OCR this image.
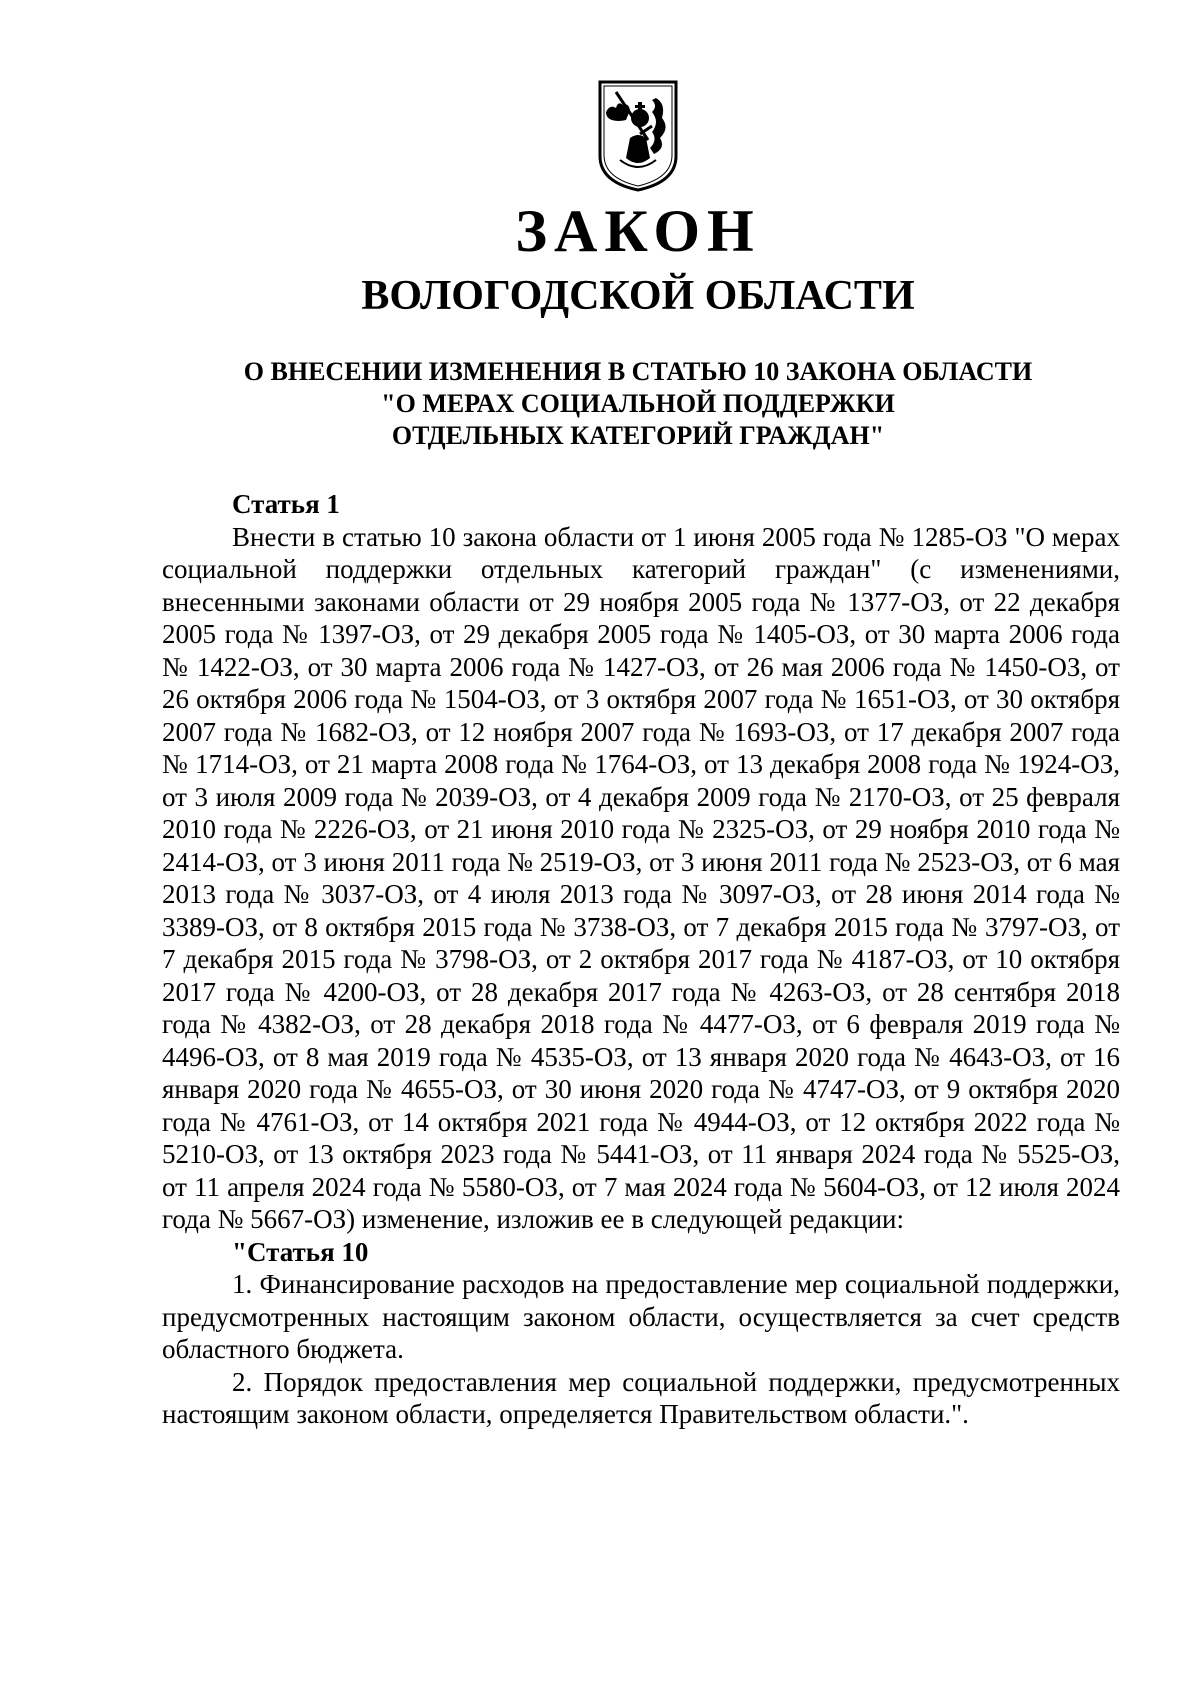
ЗАКОН
ВОЛОГОДСКОЙ ОБЛАСТИ
О ВНЕСЕНИИ ИЗМЕНЕНИЯ В СТАТЬЮ 10 ЗАКОНА ОБЛАСТИ
"О МЕРАХ СОЦИАЛЬНОЙ ПОДДЕРЖКИ
ОТДЕЛЬНЫХ КАТЕГОРИЙ ГРАЖДАН"
Статья 1

Внести в статью 10 закона области от 1 июня 2005 года № 1285-ОЗ "О мерах социальной поддержки отдельных категорий граждан" (с изменениями, внесенными законами области от 29 ноября 2005 года № 1377-ОЗ, от 22 декабря 2005 года № 1397-ОЗ, от 29 декабря 2005 года № 1405-ОЗ, от 30 марта 2006 года № 1422-ОЗ, от 30 марта 2006 года № 1427-ОЗ, от 26 мая 2006 года № 1450-ОЗ, от 26 октября 2006 года № 1504-ОЗ, от 3 октября 2007 года № 1651-ОЗ, от 30 октября 2007 года № 1682-ОЗ, от 12 ноября 2007 года № 1693-ОЗ, от 17 декабря 2007 года № 1714-ОЗ, от 21 марта 2008 года № 1764-ОЗ, от 13 декабря 2008 года № 1924-ОЗ, от 3 июля 2009 года № 2039-ОЗ, от 4 декабря 2009 года № 2170-ОЗ, от 25 февраля 2010 года № 2226-ОЗ, от 21 июня 2010 года № 2325-ОЗ, от 29 ноября 2010 года № 2414-ОЗ, от 3 июня 2011 года № 2519-ОЗ, от 3 июня 2011 года № 2523-ОЗ, от 6 мая 2013 года № 3037-ОЗ, от 4 июля 2013 года № 3097-ОЗ, от 28 июня 2014 года № 3389-ОЗ, от 8 октября 2015 года № 3738-ОЗ, от 7 декабря 2015 года № 3797-ОЗ, от 7 декабря 2015 года № 3798-ОЗ, от 2 октября 2017 года № 4187-ОЗ, от 10 октября 2017 года № 4200-ОЗ, от 28 декабря 2017 года № 4263-ОЗ, от 28 сентября 2018 года № 4382-ОЗ, от 28 декабря 2018 года № 4477-ОЗ, от 6 февраля 2019 года № 4496-ОЗ, от 8 мая 2019 года № 4535-ОЗ, от 13 января 2020 года № 4643-ОЗ, от 16 января 2020 года № 4655-ОЗ, от 30 июня 2020 года № 4747-ОЗ, от 9 октября 2020 года № 4761-ОЗ, от 14 октября 2021 года № 4944-ОЗ, от 12 октября 2022 года № 5210-ОЗ, от 13 октября 2023 года № 5441-ОЗ, от 11 января 2024 года № 5525-ОЗ, от 11 апреля 2024 года № 5580-ОЗ, от 7 мая 2024 года № 5604-ОЗ, от 12 июля 2024 года № 5667-ОЗ) изменение, изложив ее в следующей редакции:

"Статья 10

1. Финансирование расходов на предоставление мер социальной поддержки, предусмотренных настоящим законом области, осуществляется за счет средств областного бюджета.

2. Порядок предоставления мер социальной поддержки, предусмотренных настоящим законом области, определяется Правительством области.".
